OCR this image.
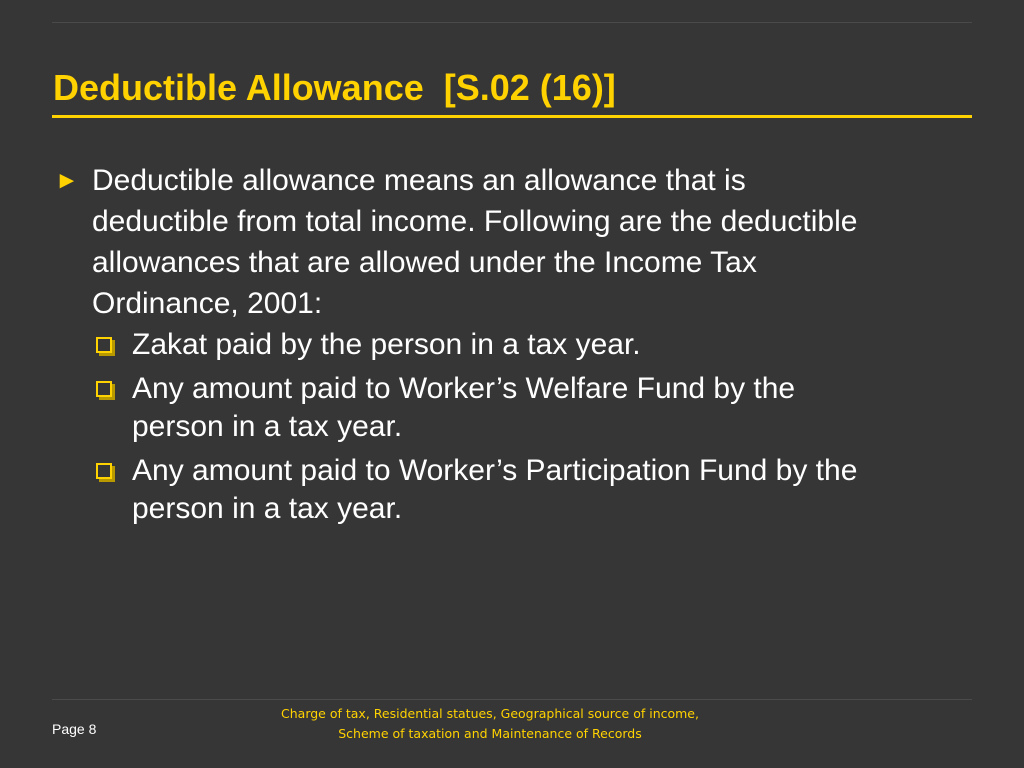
Deductible Allowance  [S.02 (16)]
► Deductible allowance means an allowance that is
deductible from total income. Following are the deductible
allowances that are allowed under the Income Tax
Ordinance, 2001:
Zakat paid by the person in a tax year.
Any amount paid to Worker’s Welfare Fund by the
person in a tax year.
Any amount paid to Worker’s Participation Fund by the
person in a tax year.
Page 8
Charge of tax, Residential statues, Geographical source of income,
Scheme of taxation and Maintenance of Records
